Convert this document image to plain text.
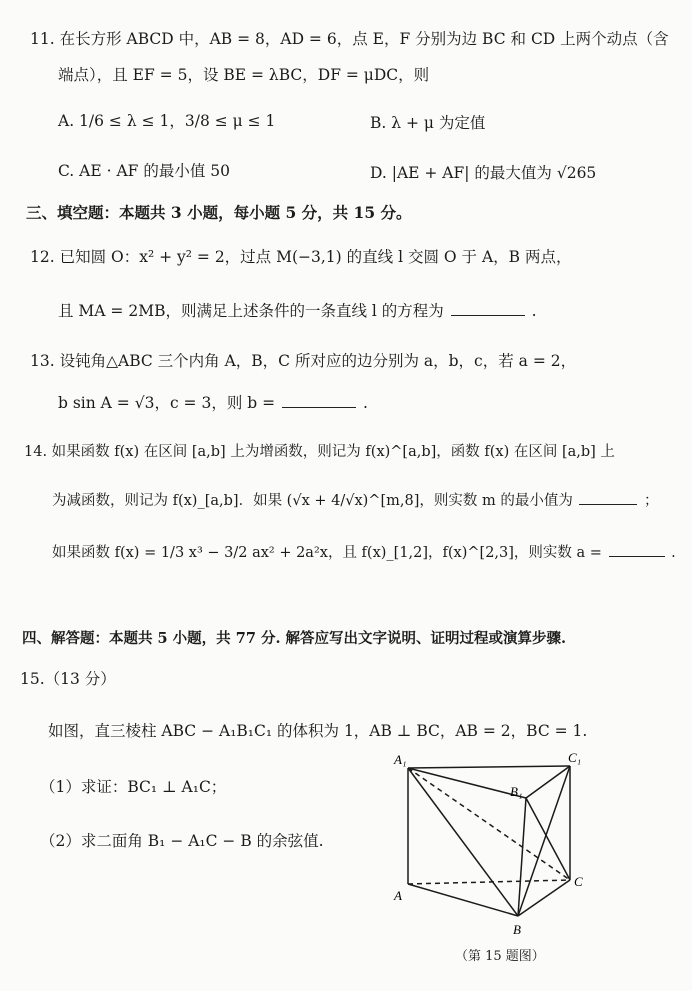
11. 在长方形 ABCD 中，AB = 8，AD = 6，点 E，F 分别为边 BC 和 CD 上两个动点（含
端点），且 EF = 5，设 BE = λBC，DF = μDC，则
A. 1/6 ≤ λ ≤ 1，3/8 ≤ μ ≤ 1	B. λ + μ 为定值
C. AE · AF 的最小值 50	D. |AE + AF| 的最大值为 √265
三、填空题：本题共 3 小题，每小题 5 分，共 15 分。
12. 已知圆 O：x² + y² = 2，过点 M(−3,1) 的直线 l 交圆 O 于 A，B 两点，
且 MA = 2MB，则满足上述条件的一条直线 l 的方程为	.
13. 设钝角△ABC 三个内角 A，B，C 所对应的边分别为 a，b，c，若 a = 2，
b sin A = √3，c = 3，则 b =	.
14. 如果函数 f(x) 在区间 [a,b] 上为增函数，则记为 f(x)^[a,b]，函数 f(x) 在区间 [a,b] 上
为减函数，则记为 f(x)_[a,b]．如果 (√x + 4/√x)^[m,8]，则实数 m 的最小值为	；
如果函数 f(x) = 1/3 x³ − 3/2 ax² + 2a²x，且 f(x)_[1,2]，f(x)^[2,3]，则实数 a =	.
四、解答题：本题共 5 小题，共 77 分. 解答应写出文字说明、证明过程或演算步骤.
15.（13 分）
如图，直三棱柱 ABC − A₁B₁C₁ 的体积为 1，AB ⊥ BC，AB = 2，BC = 1.
（1）求证：BC₁ ⊥ A₁C；
（2）求二面角 B₁ − A₁C − B 的余弦值.
A₁	C₁
B₁
A
C
B
（第 15 题图）
